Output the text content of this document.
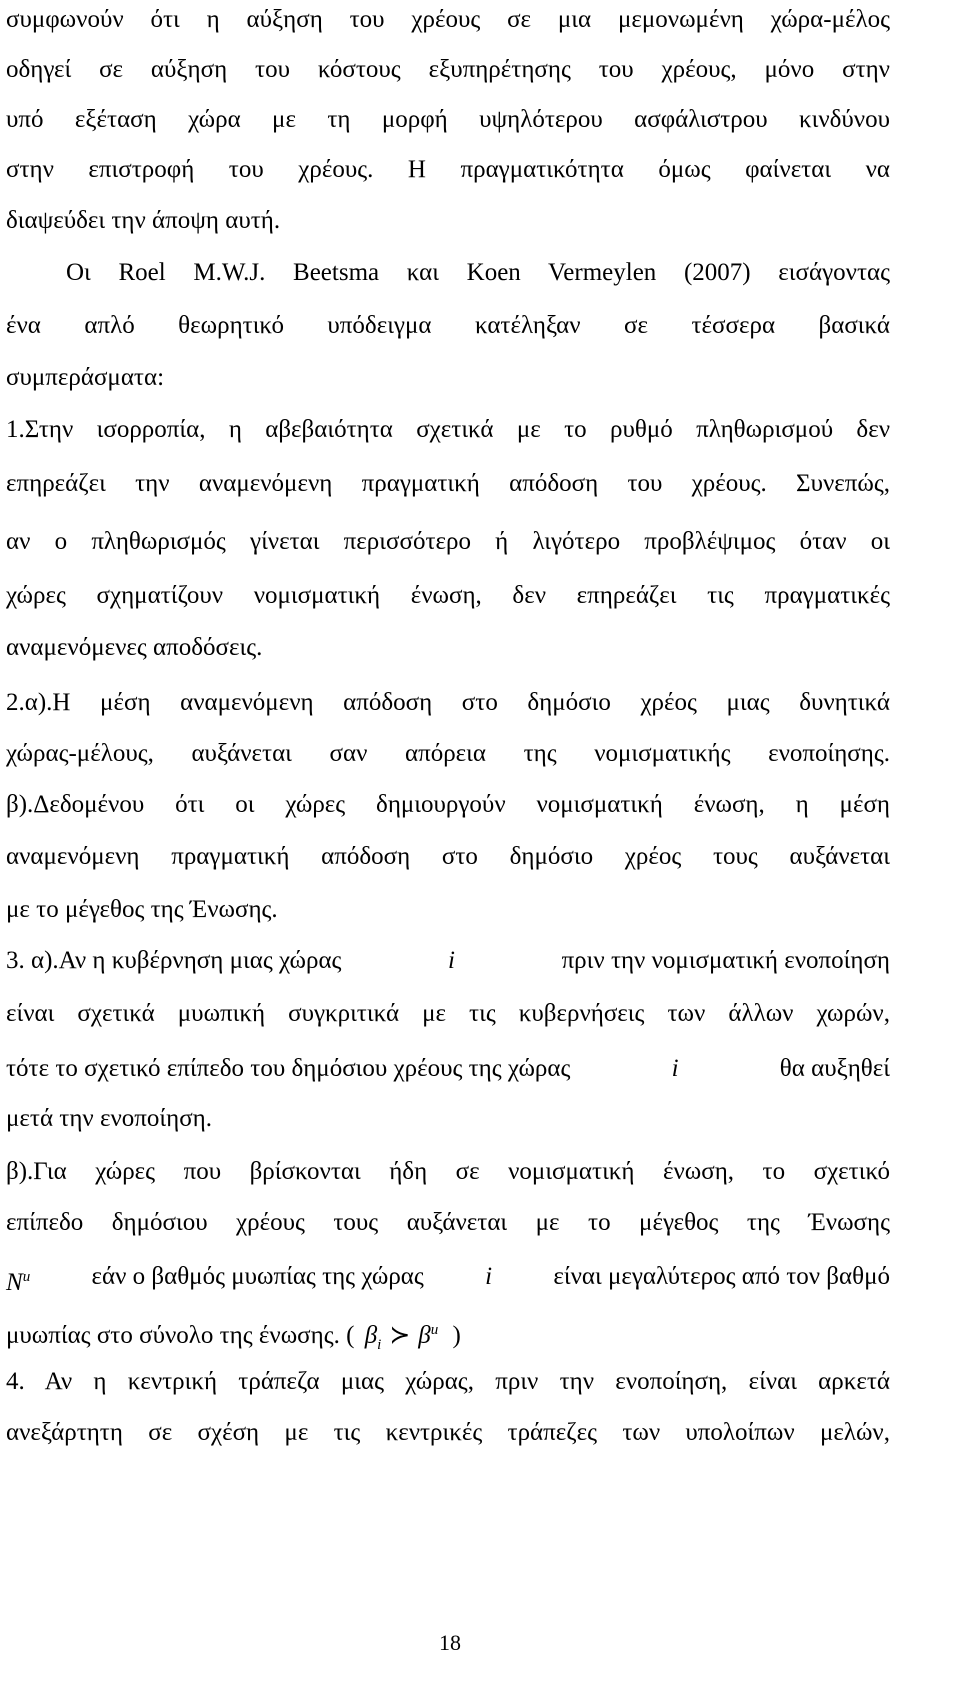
συμφωνούν ότι η αύξηση του χρέους σε μια μεμονωμένη χώρα-μέλος
οδηγεί σε αύξηση του κόστους εξυπηρέτησης του χρέους, μόνο στην
υπό εξέταση χώρα με τη μορφή υψηλότερου ασφάλιστρου κινδύνου
στην επιστροφή του χρέους. Η πραγματικότητα όμως φαίνεται να
διαψεύδει την άποψη αυτή.
Οι Roel M.W.J. Beetsma και Koen Vermeylen (2007) εισάγοντας
ένα απλό θεωρητικό υπόδειγμα κατέληξαν σε τέσσερα βασικά
συμπεράσματα:
1.Στην ισορροπία, η αβεβαιότητα σχετικά με το ρυθμό πληθωρισμού δεν
επηρεάζει την αναμενόμενη πραγματική απόδοση του χρέους. Συνεπώς,
αν ο πληθωρισμός γίνεται περισσότερο ή λιγότερο προβλέψιμος όταν οι
χώρες σχηματίζουν νομισματική ένωση, δεν επηρεάζει τις πραγματικές
αναμενόμενες αποδόσεις.
2.α).Η μέση αναμενόμενη απόδοση στο δημόσιο χρέος μιας δυνητικά
χώρας-μέλους, αυξάνεται σαν απόρεια της νομισματικής ενοποίησης.
β).Δεδομένου ότι οι χώρες δημιουργούν νομισματική ένωση, η μέση
αναμενόμενη πραγματική απόδοση στο δημόσιο χρέος τους αυξάνεται
με το μέγεθος της Ένωσης.
3. α).Αν η κυβέρνηση μιας χώρας	i	πριν την νομισματική ενοποίηση
είναι σχετικά μυωπική συγκριτικά με τις κυβερνήσεις των άλλων χωρών,
τότε το σχετικό επίπεδο του δημόσιου χρέους της χώρας	i	θα αυξηθεί
μετά την ενοποίηση.
β).Για χώρες που βρίσκονται ήδη σε νομισματική ένωση, το σχετικό
επίπεδο δημόσιου χρέους τους αυξάνεται με το μέγεθος της Ένωσης
$N^u$ εάν ο βαθμός μυωπίας της χώρας i είναι μεγαλύτερος από τον βαθμό
μυωπίας στο σύνολο της ένωσης. ( $\beta_i$ ≻ $\beta^u$ )
4. Αν η κεντρική τράπεζα μιας χώρας, πριν την ενοποίηση, είναι αρκετά
ανεξάρτητη σε σχέση με τις κεντρικές τράπεζες των υπολοίπων μελών,
18
